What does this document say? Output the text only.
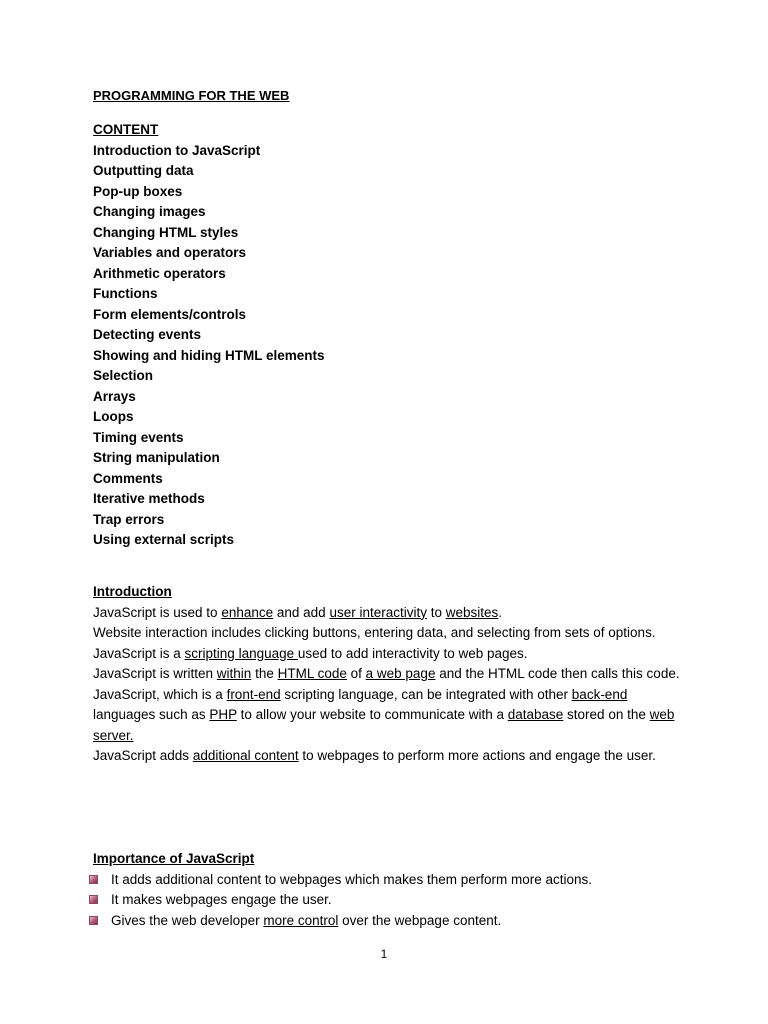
PROGRAMMING FOR THE WEB
CONTENT
Introduction to JavaScript
Outputting data
Pop-up boxes
Changing images
Changing HTML styles
Variables and operators
Arithmetic operators
Functions
Form elements/controls
Detecting events
Showing and hiding HTML elements
Selection
Arrays
Loops
Timing events
String manipulation
Comments
Iterative methods
Trap errors
Using external scripts
Introduction

JavaScript is used to enhance and add user interactivity to websites.

Website interaction includes clicking buttons, entering data, and selecting from sets of options.

JavaScript is a scripting language used to add interactivity to web pages.

JavaScript is written within the HTML code of a web page and the HTML code then calls this code.

JavaScript, which is a front-end scripting language, can be integrated with other back-end languages such as PHP to allow your website to communicate with a database stored on the web server.

JavaScript adds additional content to webpages to perform more actions and engage the user.

Importance of JavaScript
It adds additional content to webpages which makes them perform more actions.
It makes webpages engage the user.
Gives the web developer more control over the webpage content.
1
